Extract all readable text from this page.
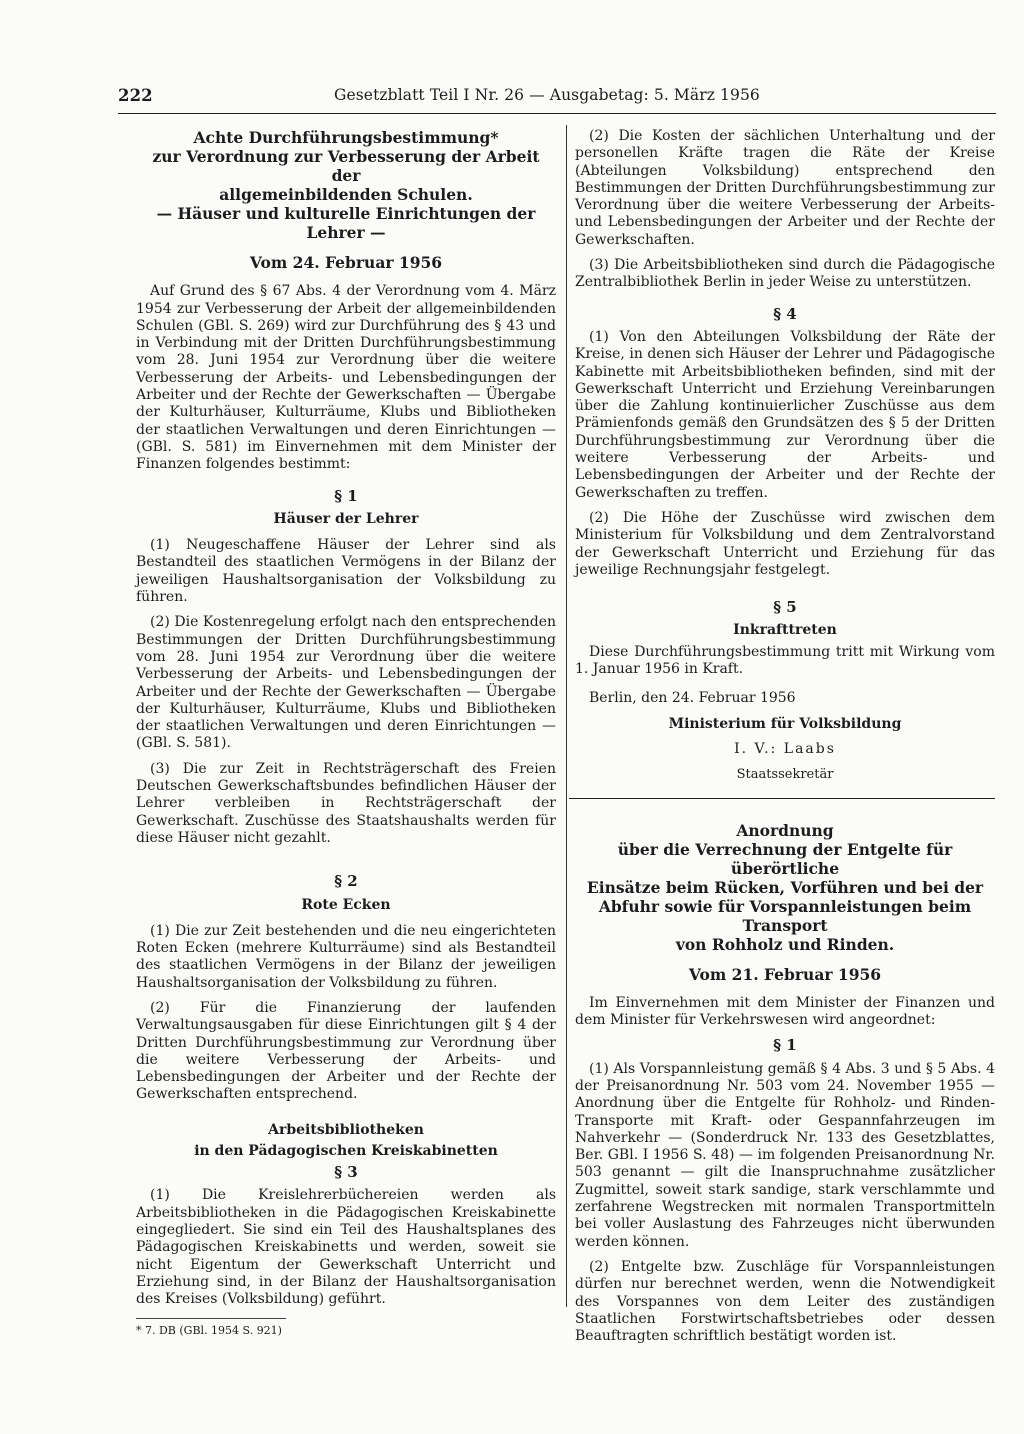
222	Gesetzblatt Teil I Nr. 26 — Ausgabetag: 5. März 1956
Achte Durchführungsbestimmung*
zur Verordnung zur Verbesserung der Arbeit der
allgemeinbildenden Schulen.
— Häuser und kulturelle Einrichtungen der Lehrer —
Vom 24. Februar 1956

Auf Grund des § 67 Abs. 4 der Verordnung vom 4. März 1954 zur Verbesserung der Arbeit der allgemeinbildenden Schulen (GBl. S. 269) wird zur Durchführung des § 43 und in Verbindung mit der Dritten Durchführungsbestimmung vom 28. Juni 1954 zur Verordnung über die weitere Verbesserung der Arbeits- und Lebensbedingungen der Arbeiter und der Rechte der Gewerkschaften — Übergabe der Kulturhäuser, Kulturräume, Klubs und Bibliotheken der staatlichen Verwaltungen und deren Einrichtungen — (GBl. S. 581) im Einvernehmen mit dem Minister der Finanzen folgendes bestimmt:

§ 1
Häuser der Lehrer

(1) Neugeschaffene Häuser der Lehrer sind als Bestandteil des staatlichen Vermögens in der Bilanz der jeweiligen Haushaltsorganisation der Volksbildung zu führen.

(2) Die Kostenregelung erfolgt nach den entsprechenden Bestimmungen der Dritten Durchführungsbestimmung vom 28. Juni 1954 zur Verordnung über die weitere Verbesserung der Arbeits- und Lebensbedingungen der Arbeiter und der Rechte der Gewerkschaften — Übergabe der Kulturhäuser, Kulturräume, Klubs und Bibliotheken der staatlichen Verwaltungen und deren Einrichtungen — (GBl. S. 581).

(3) Die zur Zeit in Rechtsträgerschaft des Freien Deutschen Gewerkschaftsbundes befindlichen Häuser der Lehrer verbleiben in Rechtsträgerschaft der Gewerkschaft. Zuschüsse des Staatshaushalts werden für diese Häuser nicht gezahlt.

§ 2
Rote Ecken

(1) Die zur Zeit bestehenden und die neu eingerichteten Roten Ecken (mehrere Kulturräume) sind als Bestandteil des staatlichen Vermögens in der Bilanz der jeweiligen Haushaltsorganisation der Volksbildung zu führen.

(2) Für die Finanzierung der laufenden Verwaltungsausgaben für diese Einrichtungen gilt § 4 der Dritten Durchführungsbestimmung zur Verordnung über die weitere Verbesserung der Arbeits- und Lebensbedingungen der Arbeiter und der Rechte der Gewerkschaften entsprechend.

Arbeitsbibliotheken
in den Pädagogischen Kreiskabinetten
§ 3

(1) Die Kreislehrerbüchereien werden als Arbeitsbibliotheken in die Pädagogischen Kreiskabinette eingegliedert. Sie sind ein Teil des Haushaltsplanes des Pädagogischen Kreiskabinetts und werden, soweit sie nicht Eigentum der Gewerkschaft Unterricht und Erziehung sind, in der Bilanz der Haushaltsorganisation des Kreises (Volksbildung) geführt.

* 7. DB (GBl. 1954 S. 921)

(2) Die Kosten der sächlichen Unterhaltung und der personellen Kräfte tragen die Räte der Kreise (Abteilungen Volksbildung) entsprechend den Bestimmungen der Dritten Durchführungsbestimmung zur Verordnung über die weitere Verbesserung der Arbeits- und Lebensbedingungen der Arbeiter und der Rechte der Gewerkschaften.

(3) Die Arbeitsbibliotheken sind durch die Pädagogische Zentralbibliothek Berlin in jeder Weise zu unterstützen.

§ 4

(1) Von den Abteilungen Volksbildung der Räte der Kreise, in denen sich Häuser der Lehrer und Pädagogische Kabinette mit Arbeitsbibliotheken befinden, sind mit der Gewerkschaft Unterricht und Erziehung Vereinbarungen über die Zahlung kontinuierlicher Zuschüsse aus dem Prämienfonds gemäß den Grundsätzen des § 5 der Dritten Durchführungsbestimmung zur Verordnung über die weitere Verbesserung der Arbeits- und Lebensbedingungen der Arbeiter und der Rechte der Gewerkschaften zu treffen.

(2) Die Höhe der Zuschüsse wird zwischen dem Ministerium für Volksbildung und dem Zentralvorstand der Gewerkschaft Unterricht und Erziehung für das jeweilige Rechnungsjahr festgelegt.

§ 5
Inkrafttreten

Diese Durchführungsbestimmung tritt mit Wirkung vom 1. Januar 1956 in Kraft.

Berlin, den 24. Februar 1956

Ministerium für Volksbildung

I. V.: Laabs

Staatssekretär

Anordnung
über die Verrechnung der Entgelte für überörtliche
Einsätze beim Rücken, Vorführen und bei der Abfuhr sowie für Vorspannleistungen beim Transport
von Rohholz und Rinden.
Vom 21. Februar 1956

Im Einvernehmen mit dem Minister der Finanzen und dem Minister für Verkehrswesen wird angeordnet:

§ 1

(1) Als Vorspannleistung gemäß § 4 Abs. 3 und § 5 Abs. 4 der Preisanordnung Nr. 503 vom 24. November 1955 — Anordnung über die Entgelte für Rohholz- und Rinden-Transporte mit Kraft- oder Gespannfahrzeugen im Nahverkehr — (Sonderdruck Nr. 133 des Gesetzblattes, Ber. GBl. I 1956 S. 48) — im folgenden Preisanordnung Nr. 503 genannt — gilt die Inanspruchnahme zusätzlicher Zugmittel, soweit stark sandige, stark verschlammte und zerfahrene Wegstrecken mit normalen Transportmitteln bei voller Auslastung des Fahrzeuges nicht überwunden werden können.

(2) Entgelte bzw. Zuschläge für Vorspannleistungen dürfen nur berechnet werden, wenn die Notwendigkeit des Vorspannes von dem Leiter des zuständigen Staatlichen Forstwirtschaftsbetriebes oder dessen Beauftragten schriftlich bestätigt worden ist.
